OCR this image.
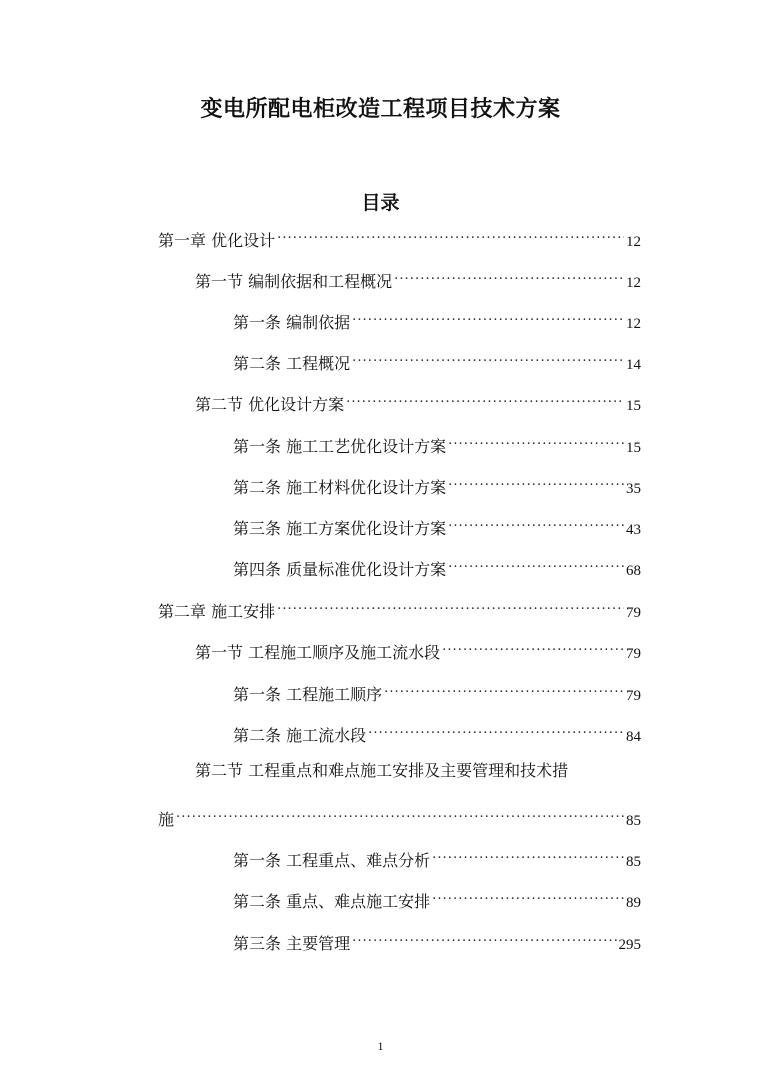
变电所配电柜改造工程项目技术方案
目录
第一章 优化设计 .....	12
第一节 编制依据和工程概况 .....	12
第一条 编制依据 .....	12
第二条 工程概况 .....	14
第二节 优化设计方案 .....	15
第一条 施工工艺优化设计方案 .....	15
第二条 施工材料优化设计方案 .....	35
第三条 施工方案优化设计方案 .....	43
第四条 质量标准优化设计方案 .....	68
第二章 施工安排 .....	79
第一节 工程施工顺序及施工流水段 .....	79
第一条 工程施工顺序 .....	79
第二条 施工流水段 .....	84
第二节 工程重点和难点施工安排及主要管理和技术措
施 .....	85
第一条 工程重点、难点分析 .....	85
第二条 重点、难点施工安排 .....	89
第三条 主要管理 .....	295
1
